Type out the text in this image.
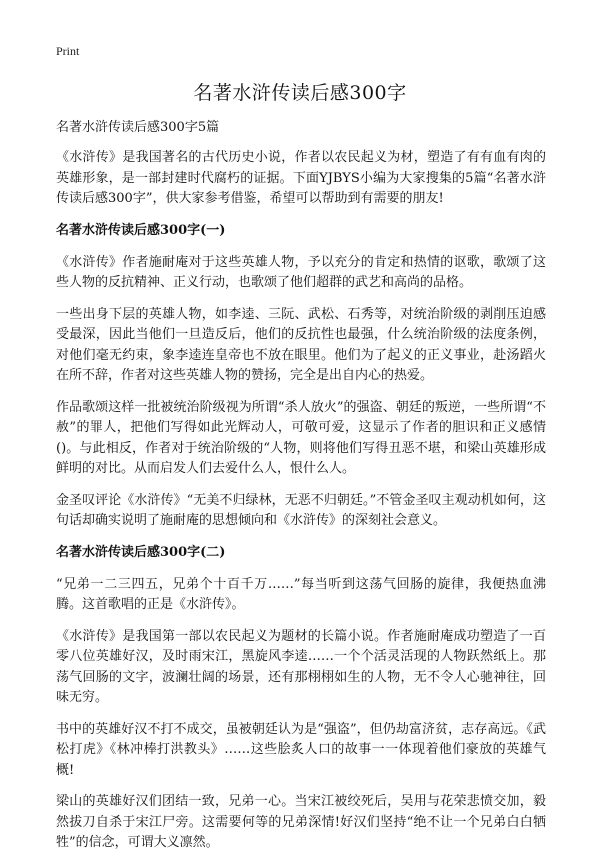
Print
名著水浒传读后感300字

名著水浒传读后感300字5篇

《水浒传》是我国著名的古代历史小说，作者以农民起义为材，塑造了有有血有肉的英雄形象，是一部封建时代腐朽的证据。下面YJBYS小编为大家搜集的5篇“名著水浒传读后感300字”，供大家参考借鉴，希望可以帮助到有需要的朋友!

名著水浒传读后感300字(一)

《水浒传》作者施耐庵对于这些英雄人物，予以充分的肯定和热情的讴歌，歌颂了这些人物的反抗精神、正义行动，也歌颂了他们超群的武艺和高尚的品格。

一些出身下层的英雄人物，如李逵、三阮、武松、石秀等，对统治阶级的剥削压迫感受最深，因此当他们一旦造反后，他们的反抗性也最强，什么统治阶级的法度条例，对他们毫无约束，象李逵连皇帝也不放在眼里。他们为了起义的正义事业，赴汤蹈火在所不辞，作者对这些英雄人物的赞扬，完全是出自内心的热爱。

作品歌颂这样一批被统治阶级视为所谓“杀人放火”的强盗、朝廷的叛逆，一些所谓“不赦”的罪人，把他们写得如此光辉动人，可敬可爱，这显示了作者的胆识和正义感情()。与此相反，作者对于统治阶级的“人物，则将他们写得丑恶不堪，和梁山英雄形成鲜明的对比。从而启发人们去爱什么人，恨什么人。

金圣叹评论《水浒传》“无美不归绿林，无恶不归朝廷。”不管金圣叹主观动机如何，这句话却确实说明了施耐庵的思想倾向和《水浒传》的深刻社会意义。

名著水浒传读后感300字(二)

“兄弟一二三四五，兄弟个十百千万……”每当听到这荡气回肠的旋律，我便热血沸腾。这首歌唱的正是《水浒传》。

《水浒传》是我国第一部以农民起义为题材的长篇小说。作者施耐庵成功塑造了一百零八位英雄好汉，及时雨宋江，黑旋风李逵……一个个活灵活现的人物跃然纸上。那荡气回肠的文字，波澜壮阔的场景，还有那栩栩如生的人物，无不令人心驰神往，回味无穷。

书中的英雄好汉不打不成交，虽被朝廷认为是“强盗”，但仍劫富济贫，志存高远。《武松打虎》《林冲棒打洪教头》……这些脍炙人口的故事一一体现着他们豪放的英雄气概!

梁山的英雄好汉们团结一致，兄弟一心。当宋江被绞死后，吴用与花荣悲愤交加，毅然拔刀自杀于宋江尸旁。这需要何等的兄弟深情!好汉们坚持“绝不让一个兄弟白白牺牲”的信念，可谓大义凛然。
